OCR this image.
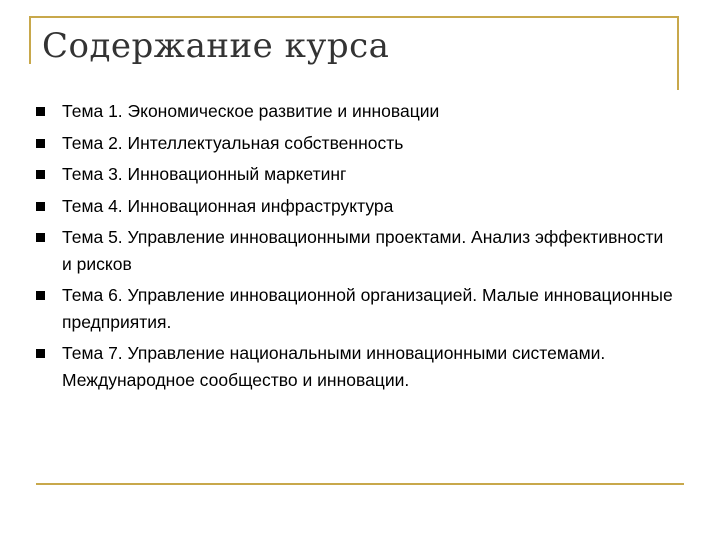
Содержание курса
Тема 1. Экономическое развитие и инновации
Тема 2. Интеллектуальная собственность
Тема 3. Инновационный маркетинг
Тема 4. Инновационная инфраструктура
Тема 5. Управление инновационными проектами. Анализ эффективности и рисков
Тема 6. Управление инновационной организацией. Малые инновационные предприятия.
Тема 7. Управление национальными инновационными системами. Международное сообщество и инновации.
